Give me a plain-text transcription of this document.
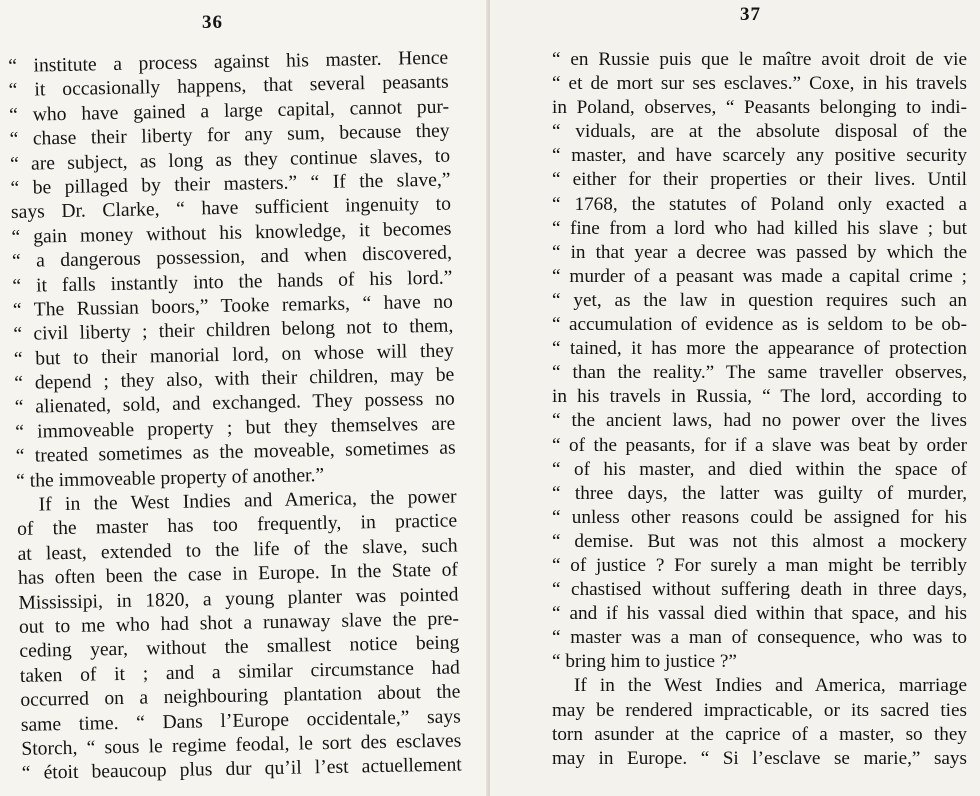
36
“ institute a process against his master. Hence
“ it occasionally happens, that several peasants
“ who have gained a large capital, cannot pur-
“ chase their liberty for any sum, because they
“ are subject, as long as they continue slaves, to
“ be pillaged by their masters.” “ If the slave,”
says Dr. Clarke, “ have sufficient ingenuity to
“ gain money without his knowledge, it becomes
“ a dangerous possession, and when discovered,
“ it falls instantly into the hands of his lord.”
“ The Russian boors,” Tooke remarks, “ have no
“ civil liberty ; their children belong not to them,
“ but to their manorial lord, on whose will they
“ depend ; they also, with their children, may be
“ alienated, sold, and exchanged. They possess no
“ immoveable property ; but they themselves are
“ treated sometimes as the moveable, sometimes as
“ the immoveable property of another.”
If in the West Indies and America, the power
of the master has too frequently, in practice
at least, extended to the life of the slave, such
has often been the case in Europe. In the State of
Mississipi, in 1820, a young planter was pointed
out to me who had shot a runaway slave the pre-
ceding year, without the smallest notice being
taken of it ; and a similar circumstance had
occurred on a neighbouring plantation about the
same time. “ Dans l’Europe occidentale,” says
Storch, “ sous le regime feodal, le sort des esclaves
“ étoit beaucoup plus dur qu’il l’est actuellement
37
“ en Russie puis que le maître avoit droit de vie
“ et de mort sur ses esclaves.” Coxe, in his travels
in Poland, observes, “ Peasants belonging to indi-
“ viduals, are at the absolute disposal of the
“ master, and have scarcely any positive security
“ either for their properties or their lives. Until
“ 1768, the statutes of Poland only exacted a
“ fine from a lord who had killed his slave ; but
“ in that year a decree was passed by which the
“ murder of a peasant was made a capital crime ;
“ yet, as the law in question requires such an
“ accumulation of evidence as is seldom to be ob-
“ tained, it has more the appearance of protection
“ than the reality.” The same traveller observes,
in his travels in Russia, “ The lord, according to
“ the ancient laws, had no power over the lives
“ of the peasants, for if a slave was beat by order
“ of his master, and died within the space of
“ three days, the latter was guilty of murder,
“ unless other reasons could be assigned for his
“ demise. But was not this almost a mockery
“ of justice ? For surely a man might be terribly
“ chastised without suffering death in three days,
“ and if his vassal died within that space, and his
“ master was a man of consequence, who was to
“ bring him to justice ?”
If in the West Indies and America, marriage
may be rendered impracticable, or its sacred ties
torn asunder at the caprice of a master, so they
may in Europe. “ Si l’esclave se marie,” says
